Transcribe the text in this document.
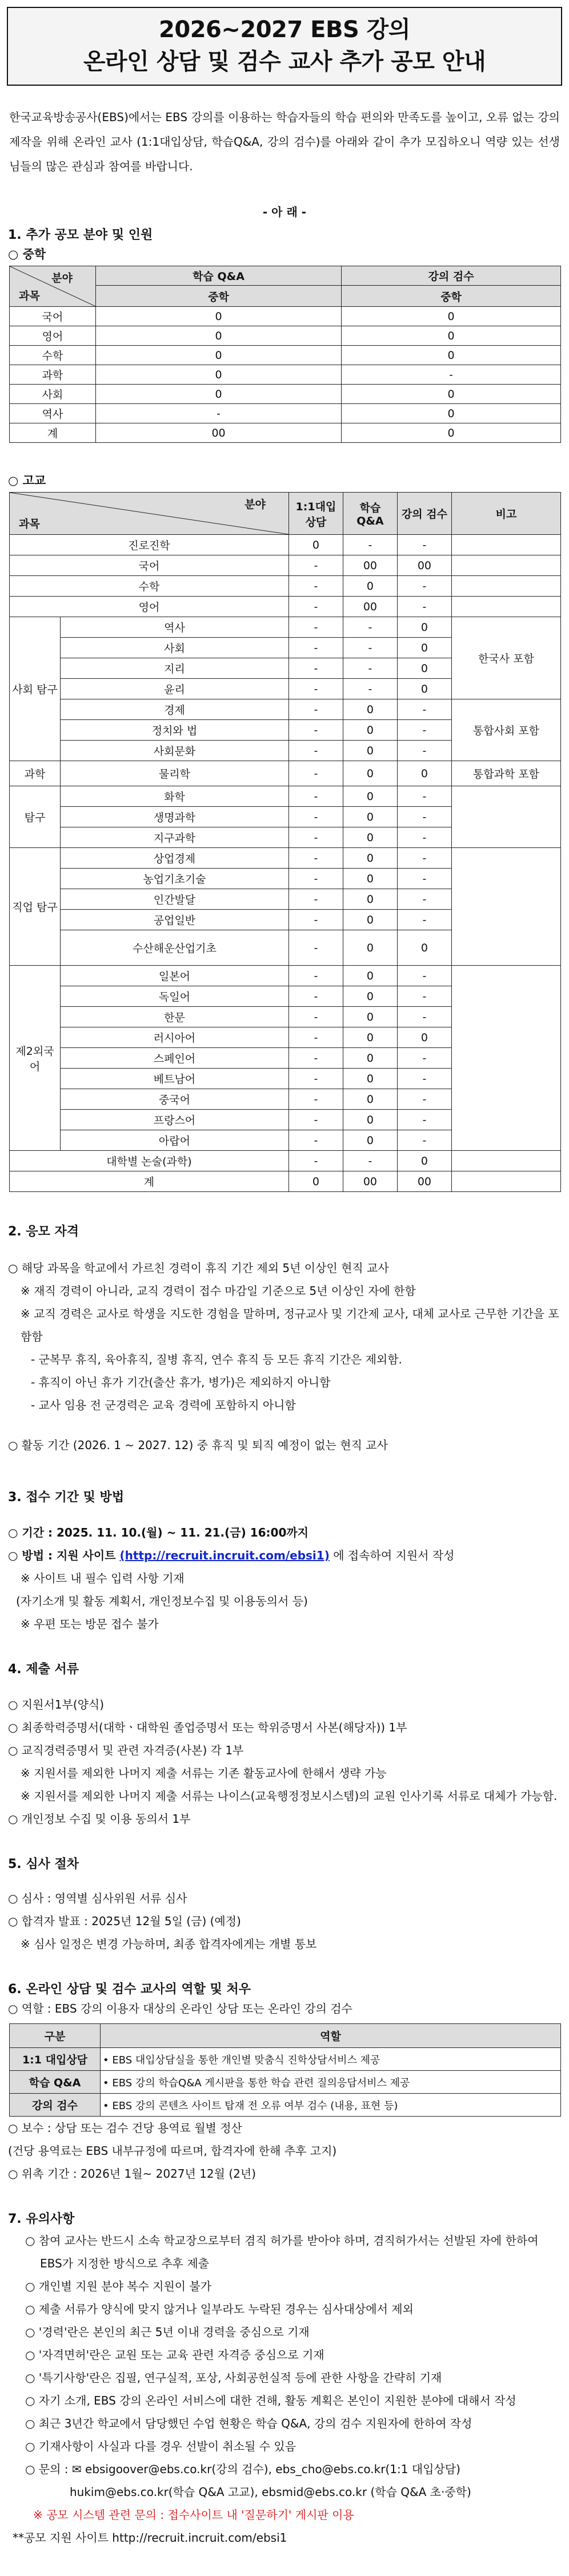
2026~2027 EBS 강의
온라인 상담 및 검수 교사 추가 공모 안내
한국교육방송공사(EBS)에서는 EBS 강의를 이용하는 학습자들의 학습 편의와 만족도를 높이고, 오류 없는 강의 제작을 위해 온라인 교사 (1:1대입상담, 학습Q&A, 강의 검수)를 아래와 같이 추가 모집하오니 역량 있는 선생님들의 많은 관심과 참여를 바랍니다.
- 아 래 -
1. 추가 공모 분야 및 인원
○ 중학
분야
과목	학습 Q&A	강의 검수
	중학	중학
국어	0	0
영어	0	0
수학	0	0
과학	0	-
사회	0	0
역사	-	0
계	00	0
○ 고교
분야
과목		1:1대입 상담	학습 Q&A	강의 검수	비고
진로진학		0	-	-	
국어		-	00	00	
수학		-	0	-	
영어		-	00	-	
사회 탐구	역사	-	-	0	한국사 포함
	사회	-	-	0	
	지리	-	-	0	
	윤리	-	-	0	
	경제	-	0	-	통합사회 포함
	정치와 법	-	0	-	
	사회문화	-	0	-	
과학	물리학	-	0	0	통합과학 포함
탐구	화학	-	0	-	
	생명과학	-	0	-	
	지구과학	-	0	-	
직업 탐구	상업경제	-	0	-	
	농업기초기술	-	0	-	
	인간발달	-	0	-	
	공업일반	-	0	-	
	수산해운산업기초	-	0	0	
제2외국어	일본어	-	0	-	
	독일어	-	0	-	
	한문	-	0	-	
	러시아어	-	0	0	
	스페인어	-	0	-	
	베트남어	-	0	-	
	중국어	-	0	-	
	프랑스어	-	0	-	
	아랍어	-	0	-	
대학별 논술(과학)		-	-	0	
계		0	00	00	
2. 응모 자격
○ 해당 과목을 학교에서 가르친 경력이 휴직 기간 제외 5년 이상인 현직 교사
※ 재직 경력이 아니라, 교직 경력이 접수 마감일 기준으로 5년 이상인 자에 한함
※ 교직 경력은 교사로 학생을 지도한 경험을 말하며, 정규교사 및 기간제 교사, 대체 교사로 근무한 기간을 포함함
- 군복무 휴직, 육아휴직, 질병 휴직, 연수 휴직 등 모든 휴직 기간은 제외함.
- 휴직이 아닌 휴가 기간(출산 휴가, 병가)은 제외하지 아니함
- 교사 임용 전 군경력은 교육 경력에 포함하지 아니함
○ 활동 기간 (2026. 1 ~ 2027. 12) 중 휴직 및 퇴직 예정이 없는 현직 교사
3. 접수 기간 및 방법
○ 기간 : 2025. 11. 10.(월) ~ 11. 21.(금) 16:00까지
○ 방법 : 지원 사이트 (http://recruit.incruit.com/ebsi1) 에 접속하여 지원서 작성
※ 사이트 내 필수 입력 사항 기재
(자기소개 및 활동 계획서, 개인정보수집 및 이용동의서 등)
※ 우편 또는 방문 접수 불가
4. 제출 서류
○ 지원서1부(양식)
○ 최종학력증명서(대학ㆍ대학원 졸업증명서 또는 학위증명서 사본(해당자)) 1부
○ 교직경력증명서 및 관련 자격증(사본) 각 1부
※ 지원서를 제외한 나머지 제출 서류는 기존 활동교사에 한해서 생략 가능
※ 지원서를 제외한 나머지 제출 서류는 나이스(교육행정정보시스템)의 교원 인사기록 서류로 대체가 가능함.
○ 개인정보 수집 및 이용 동의서 1부
5. 심사 절차
○ 심사 : 영역별 심사위원 서류 심사
○ 합격자 발표 : 2025년 12월 5일 (금) (예정)
※ 심사 일정은 변경 가능하며, 최종 합격자에게는 개별 통보
6. 온라인 상담 및 검수 교사의 역할 및 처우
○ 역할 : EBS 강의 이용자 대상의 온라인 상담 또는 온라인 강의 검수
구분	역할
1:1 대입상담	• EBS 대입상담실을 통한 개인별 맞춤식 진학상담서비스 제공
학습 Q&A	• EBS 강의 학습Q&A 게시판을 통한 학습 관련 질의응답서비스 제공
강의 검수	• EBS 강의 콘텐츠 사이트 탑재 전 오류 여부 검수 (내용, 표현 등)
○ 보수 : 상담 또는 검수 건당 용역료 월별 정산
(건당 용역료는 EBS 내부규정에 따르며, 합격자에 한해 추후 고지)
○ 위촉 기간 : 2026년 1월~ 2027년 12월 (2년)
7. 유의사항
○ 참여 교사는 반드시 소속 학교장으로부터 겸직 허가를 받아야 하며, 겸직허가서는 선발된 자에 한하여 EBS가 지정한 방식으로 추후 제출
○ 개인별 지원 분야 복수 지원이 불가
○ 제출 서류가 양식에 맞지 않거나 일부라도 누락된 경우는 심사대상에서 제외
○ '경력'란은 본인의 최근 5년 이내 경력을 중심으로 기재
○ '자격면허'란은 교원 또는 교육 관련 자격증 중심으로 기재
○ '특기사항'란은 집필, 연구실적, 포상, 사회공헌실적 등에 관한 사항을 간략히 기재
○ 자기 소개, EBS 강의 온라인 서비스에 대한 견해, 활동 계획은 본인이 지원한 분야에 대해서 작성
○ 최근 3년간 학교에서 담당했던 수업 현황은 학습 Q&A, 강의 검수 지원자에 한하여 작성
○ 기재사항이 사실과 다를 경우 선발이 취소될 수 있음
○ 문의 : ✉ ebsigoover@ebs.co.kr(강의 검수), ebs_cho@ebs.co.kr(1:1 대입상담)
hukim@ebs.co.kr(학습 Q&A 고교), ebsmid@ebs.co.kr (학습 Q&A 초·중학)
※ 공모 시스템 관련 문의 : 접수사이트 내 '질문하기' 게시판 이용
**공모 지원 사이트 http://recruit.incruit.com/ebsi1
